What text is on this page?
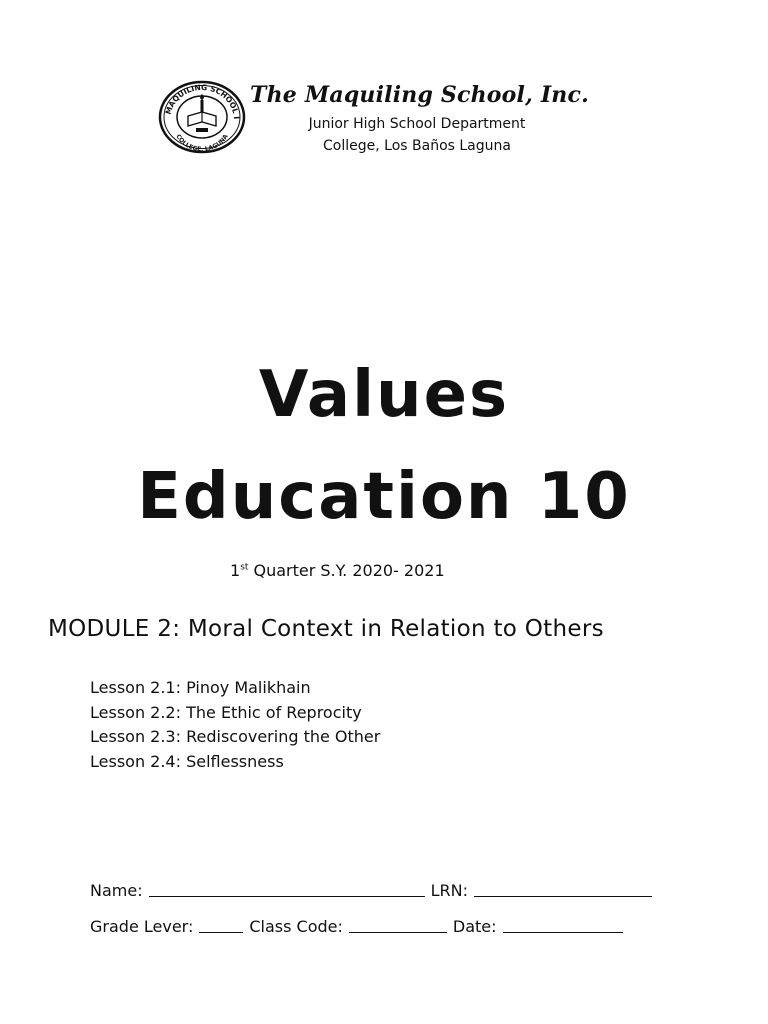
MAQUILING SCHOOL I
COLLEGE, LAGUNA
The Maquiling School, Inc.
Junior High School Department
College, Los Baños Laguna
Values
Education 10
1st Quarter S.Y. 2020- 2021
MODULE 2: Moral Context in Relation to Others
Lesson 2.1: Pinoy Malikhain
Lesson 2.2: The Ethic of Reprocity
Lesson 2.3: Rediscovering the Other
Lesson 2.4: Selflessness
Name:	LRN:
Grade Lever:	Class Code:	Date:
